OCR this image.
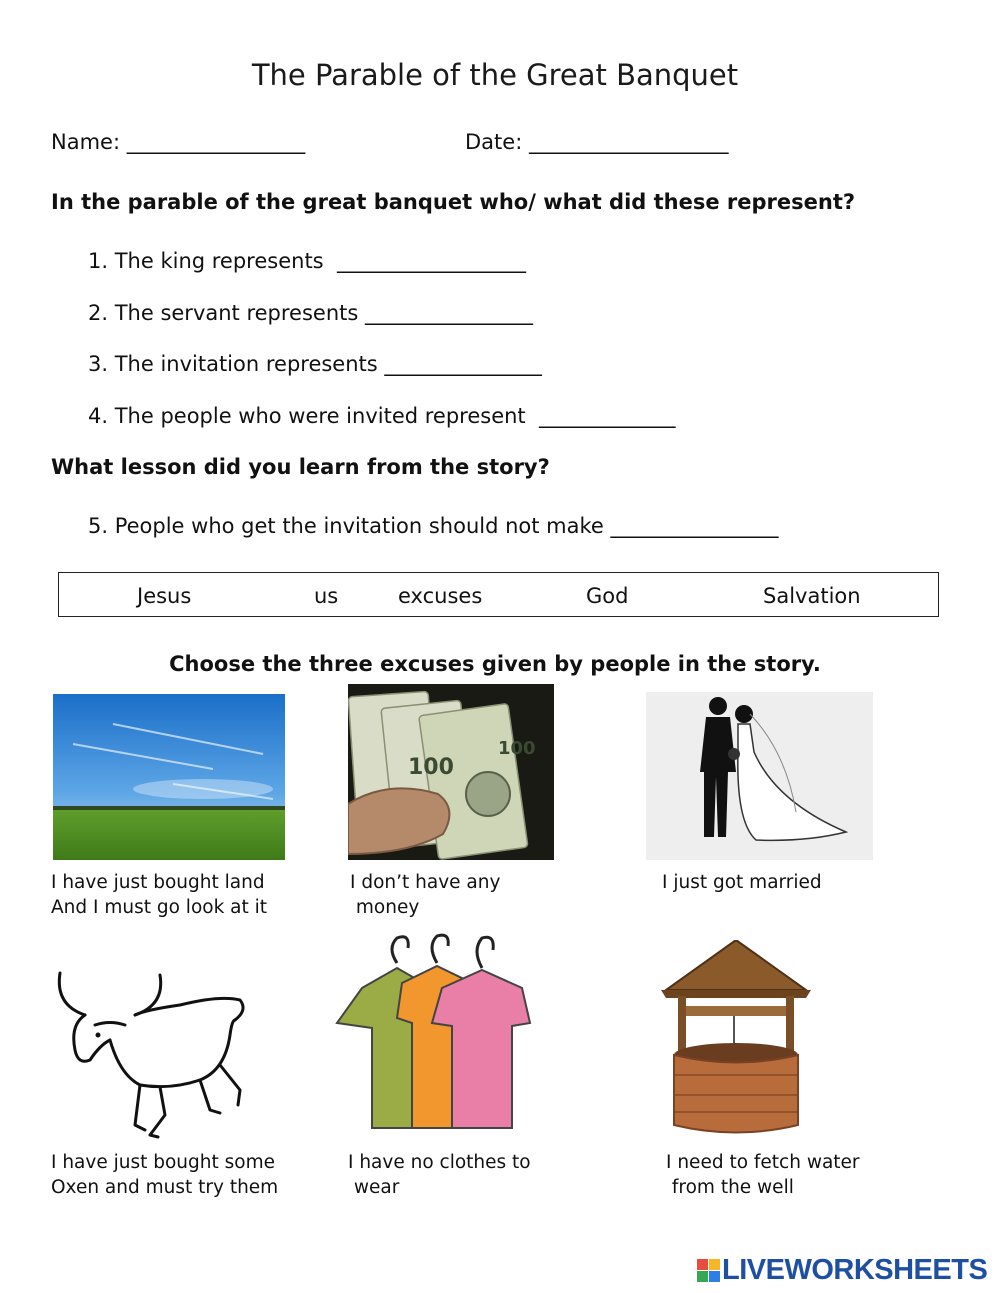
The Parable of the Great Banquet
Name: _________________	Date: ___________________
In the parable of the great banquet who/ what did these represent?
1. The king represents  __________________
2. The servant represents ________________
3. The invitation represents _______________
4. The people who were invited represent  _____________
What lesson did you learn from the story?
5. People who get the invitation should not make ________________
Jesus	us	excuses	God	Salvation
Choose the three excuses given by people in the story.
100
100
I have just bought land
And I must go look at it
I don’t have any
money
I just got married

I have just bought some
Oxen and must try them
I have no clothes to
wear
I need to fetch water
from the well
LIVEWORKSHEETS
